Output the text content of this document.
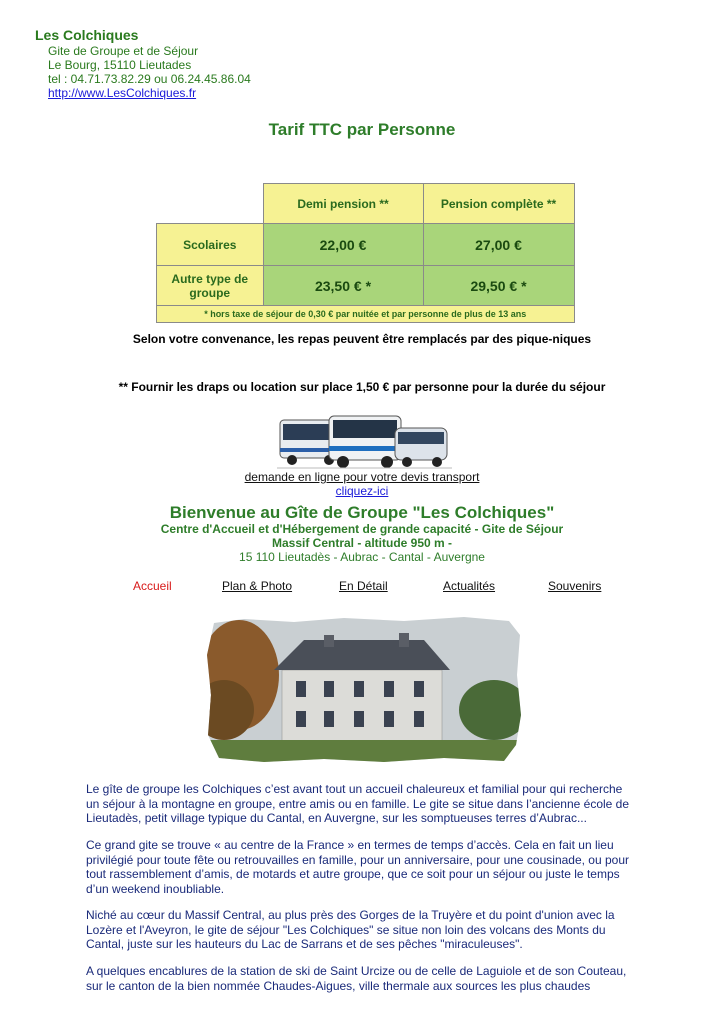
Les Colchiques
Gite de Groupe et de Séjour
Le Bourg, 15110 Lieutades
tel : 04.71.73.82.29 ou 06.24.45.86.04
http://www.LesColchiques.fr
Tarif TTC par Personne
	Demi pension **	Pension complète **
Scolaires	22,00 €	27,00 €
Autre type de groupe	23,50 € *	29,50 € *
* hors taxe de séjour de 0,30 € par nuitée et par personne de plus de 13 ans		
Selon votre convenance, les repas peuvent être remplacés par des pique-niques
** Fournir les draps ou location sur place 1,50 € par personne pour la durée du séjour
demande en ligne pour votre devis transport
cliquez-ici
Bienvenue au Gîte de Groupe "Les Colchiques"
Centre d'Accueil et d'Hébergement de grande capacité - Gite de Séjour
Massif Central - altitude 950 m -
15 110 Lieutadès - Aubrac - Cantal - Auvergne
Accueil	Plan & Photo	En Détail	Actualités	Souvenirs
Le gîte de groupe les Colchiques c’est avant tout un accueil chaleureux et familial pour qui recherche
un séjour à la montagne en groupe, entre amis ou en famille. Le gite se situe dans l’ancienne école de
Lieutadès, petit village typique du Cantal, en Auvergne, sur les somptueuses terres d’Aubrac...
Ce grand gite se trouve « au centre de la France » en termes de temps d’accès. Cela en fait un lieu
privilégié pour toute fête ou retrouvailles en famille, pour un anniversaire, pour une cousinade, ou pour
tout rassemblement d’amis, de motards et autre groupe, que ce soit pour un séjour ou juste le temps
d’un weekend inoubliable.
Niché au cœur du Massif Central, au plus près des Gorges de la Truyère et du point d'union avec la
Lozère et l'Aveyron, le gite de séjour "Les Colchiques" se situe non loin des volcans des Monts du
Cantal, juste sur les hauteurs du Lac de Sarrans et de ses pêches "miraculeuses".
A quelques encablures de la station de ski de Saint Urcize ou de celle de Laguiole et de son Couteau,
sur le canton de la bien nommée Chaudes-Aigues, ville thermale aux sources les plus chaudes
